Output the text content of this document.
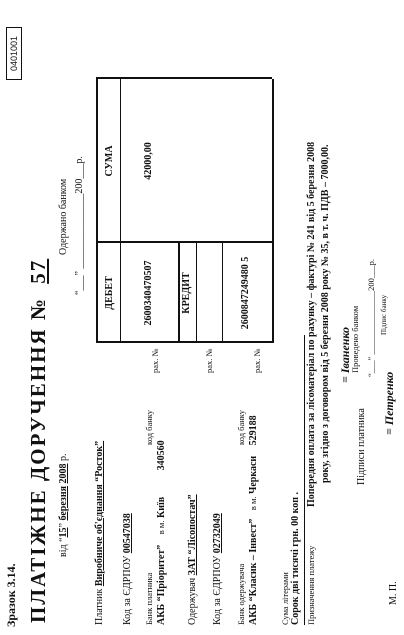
Зразок 3.14. ПЛАТІЖНЕ ДОРУЧЕННЯ № 57
0401001
від “15” березня 2008 р.
Одержано банком “___” _______________200___р.
Платник Виробниче об'єднання “Росток”
Код за ЄДРПОУ 00547038
Банк платника
код банку
АКБ “Пріоритет” в м. Київ 340560
рах. №
Одержувач ЗАТ “Лісопостач”
Код за ЄДРПОУ 02732049
рах. №
Банк одержувача
код банку
АКБ “Класик – Інвест” в м. Черкаси 529188
рах. №
ДЕБЕТ
СУМА
2600340470507	КРЕДИТ	2600847249480 5
42000,00
Сума літерами Сорок дві тисячі грн. 00 коп . Призначення платежу
Попередня оплата за лісоматеріал по рахунку – фактурі № 241 від 5 березня 2008 року, згідно з договором від 5 березня 2008 року № 35, в т. ч. ПДВ – 7000,00. = Іваненко
Проведено банком
Підписи платника
“___” _______________200___р. Підпис банку
= Петренко
М. П.
